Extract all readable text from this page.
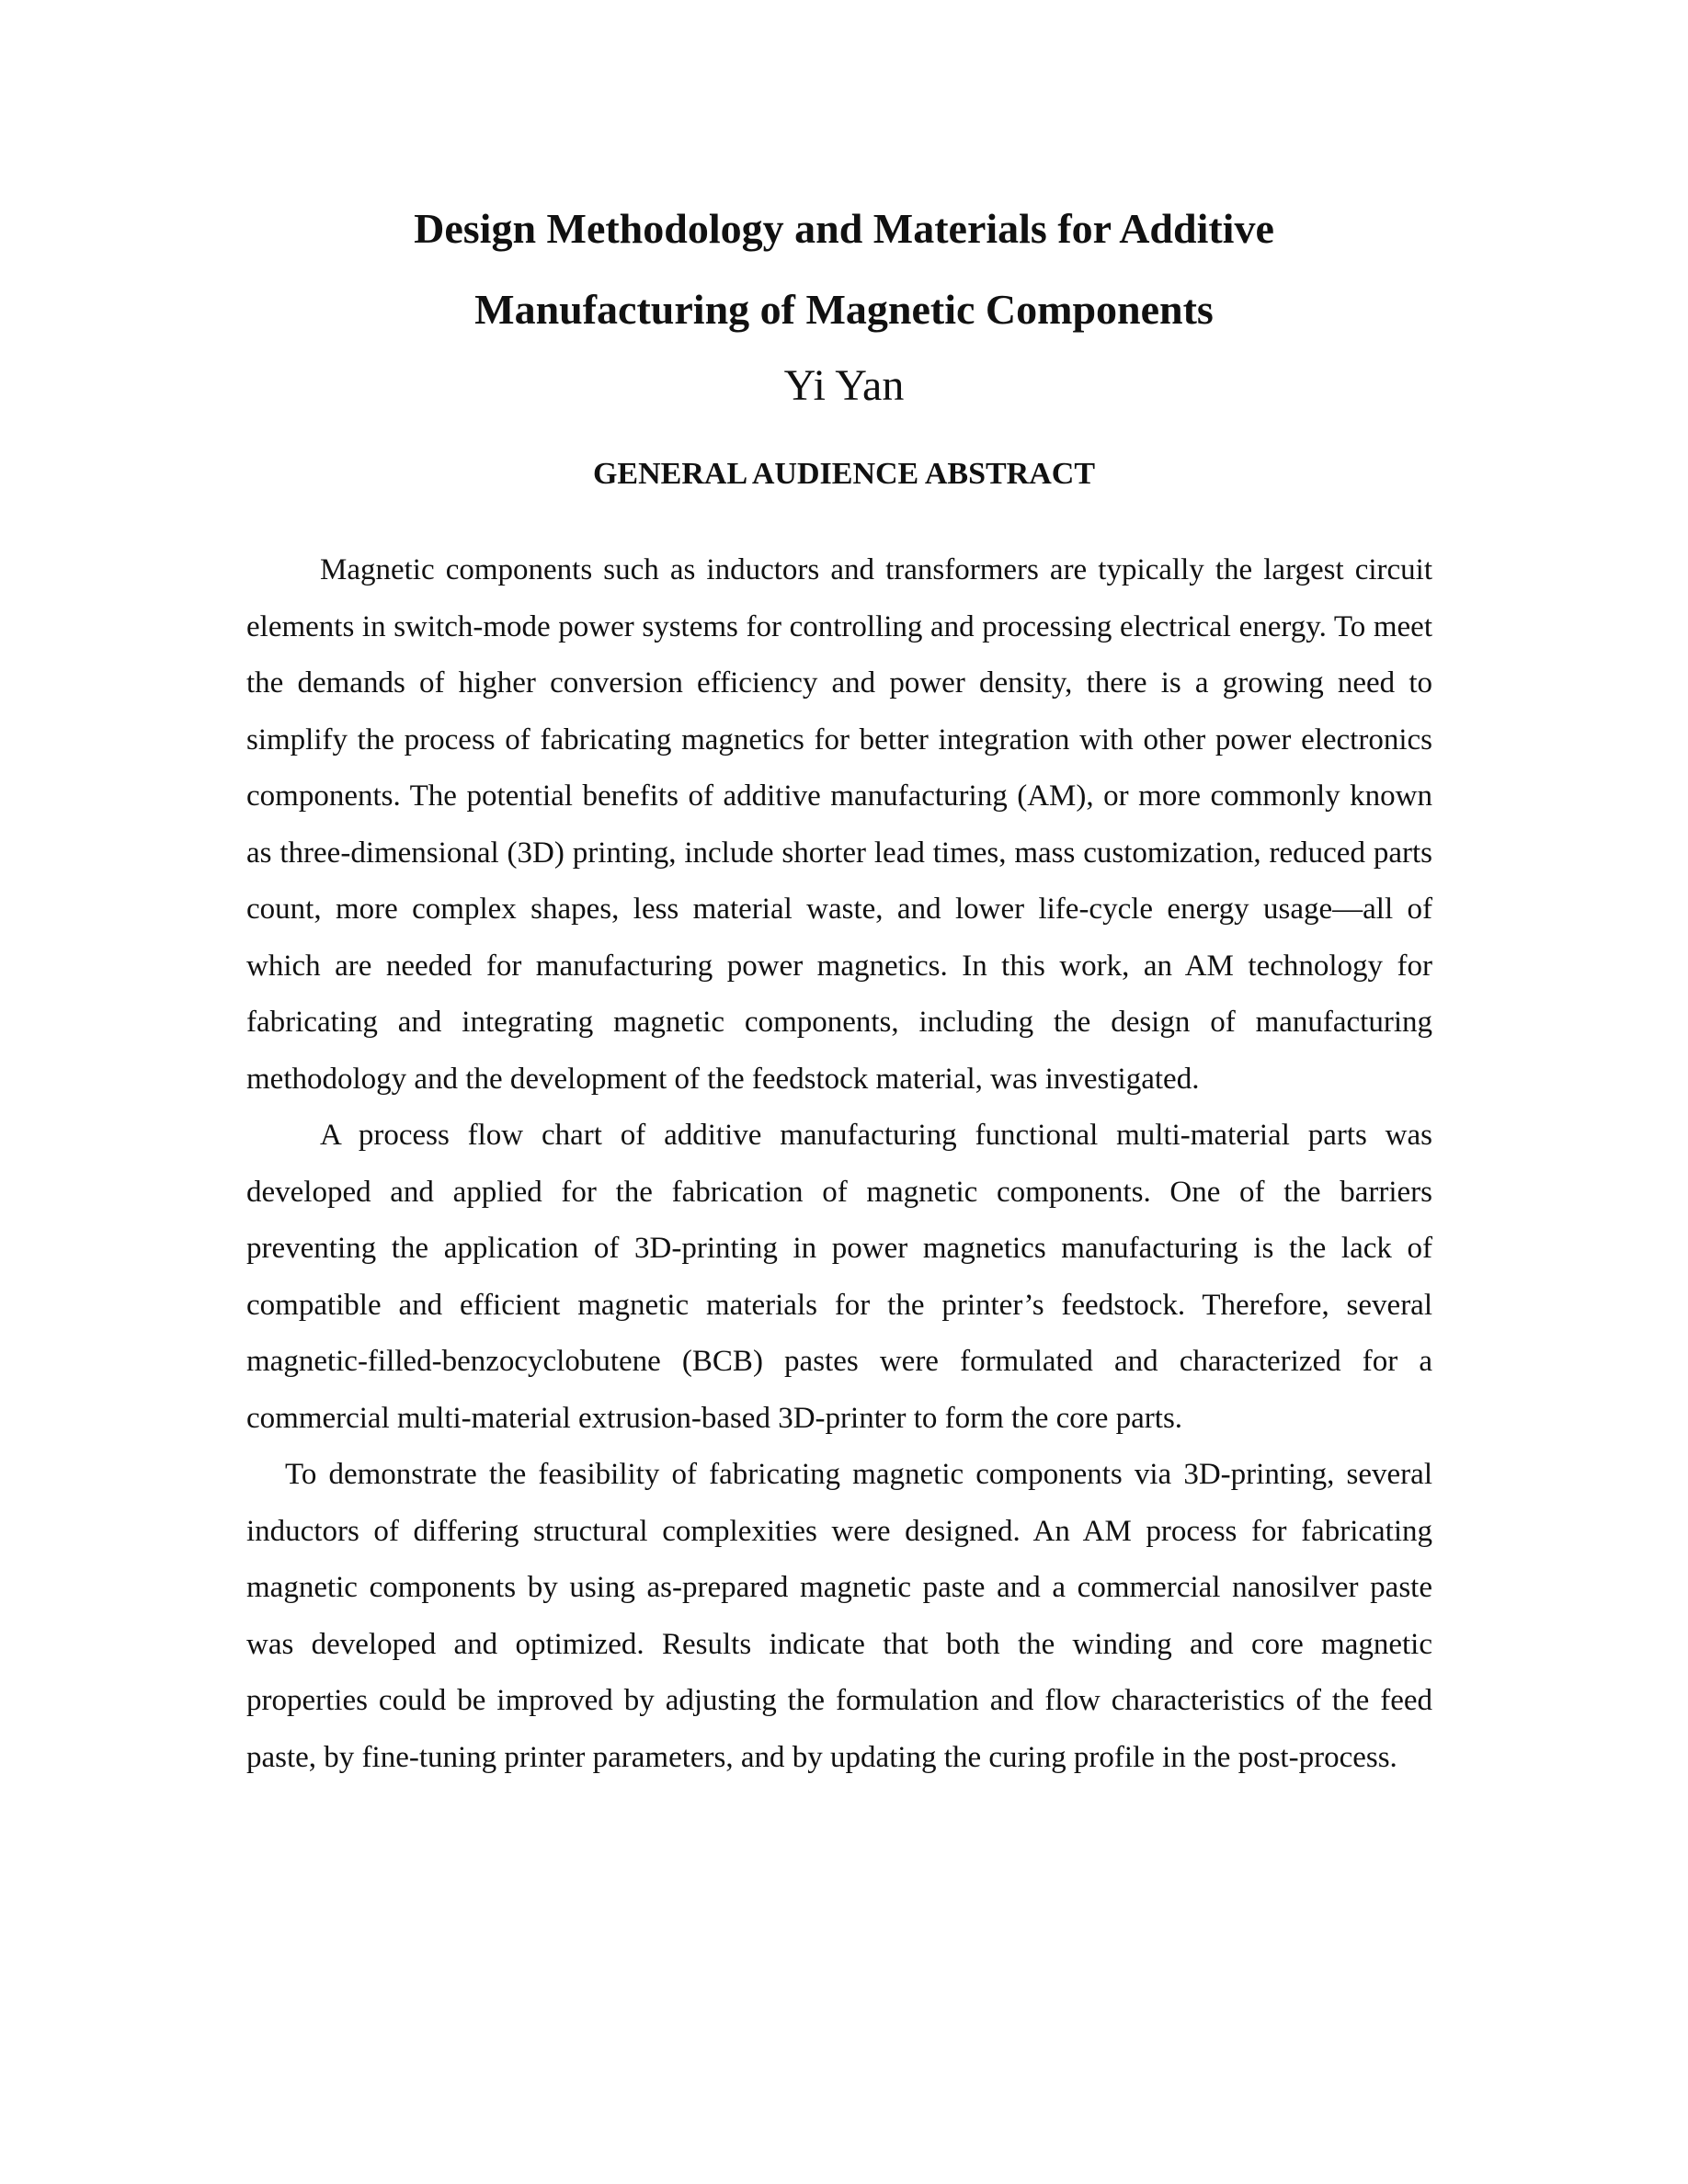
Design Methodology and Materials for Additive
Manufacturing of Magnetic Components
Yi Yan
GENERAL AUDIENCE ABSTRACT

Magnetic components such as inductors and transformers are typically the largest circuit elements in switch-mode power systems for controlling and processing electrical energy. To meet the demands of higher conversion efficiency and power density, there is a growing need to simplify the process of fabricating magnetics for better integration with other power electronics components. The potential benefits of additive manufacturing (AM), or more commonly known as three-dimensional (3D) printing, include shorter lead times, mass customization, reduced parts count, more complex shapes, less material waste, and lower life-cycle energy usage—all of which are needed for manufacturing power magnetics. In this work, an AM technology for fabricating and integrating magnetic components, including the design of manufacturing methodology and the development of the feedstock material, was investigated.

A process flow chart of additive manufacturing functional multi-material parts was developed and applied for the fabrication of magnetic components. One of the barriers preventing the application of 3D-printing in power magnetics manufacturing is the lack of compatible and efficient magnetic materials for the printer’s feedstock. Therefore, several magnetic-filled-benzocyclobutene (BCB) pastes were formulated and characterized for a commercial multi-material extrusion-based 3D-printer to form the core parts.

To demonstrate the feasibility of fabricating magnetic components via 3D-printing, several inductors of differing structural complexities were designed. An AM process for fabricating magnetic components by using as-prepared magnetic paste and a commercial nanosilver paste was developed and optimized. Results indicate that both the winding and core magnetic properties could be improved by adjusting the formulation and flow characteristics of the feed paste, by fine-tuning printer parameters, and by updating the curing profile in the post-process.
